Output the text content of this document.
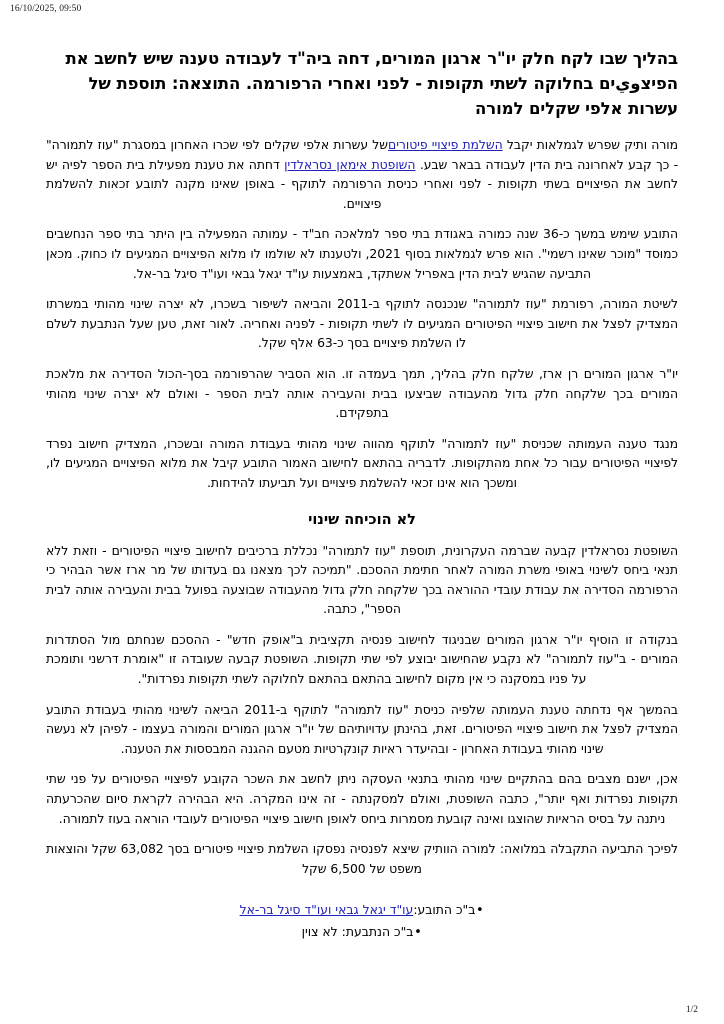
16/10/2025, 09:50
בהליך שבו לקח חלק יו"ר ארגון המורים, דחה ביה"ד לעבודה טענה שיש לחשב את הפיצويים בחלוקה לשתי תקופות - לפני ואחרי הרפורמה. התוצאה: תוספת של עשרות אלפי שקלים למורה

מורה ותיק שפרש לגמלאות יקבל השלמת פיצויי פיטוריםשל עשרות אלפי שקלים לפי שכרו האחרון במסגרת "עוז לתמורה" - כך קבע לאחרונה בית הדין לעבודה בבאר שבע. השופטת אימאן נסראלדין דחתה את טענת מפעילת בית הספר לפיה יש לחשב את הפיצויים בשתי תקופות - לפני ואחרי כניסת הרפורמה לתוקף - באופן שאינו מקנה לתובע זכאות להשלמת פיצויים.

התובע שימש במשך כ-36 שנה כמורה באגודת בתי ספר למלאכה חב"ד - עמותה המפעילה בין היתר בתי ספר הנחשבים כמוסד "מוכר שאינו רשמי". הוא פרש לגמלאות בסוף 2021, ולטענתו לא שולמו לו מלוא הפיצויים המגיעים לו כחוק. מכאן התביעה שהגיש לבית הדין באפריל אשתקד, באמצעות עו"ד יגאל גבאי ועו"ד סיגל בר-אל.

לשיטת המורה, רפורמת "עוז לתמורה" שנכנסה לתוקף ב-2011 והביאה לשיפור בשכרו, לא יצרה שינוי מהותי במשרתו המצדיק לפצל את חישוב פיצויי הפיטורים המגיעים לו לשתי תקופות - לפניה ואחריה. לאור זאת, טען שעל הנתבעת לשלם לו השלמת פיצויים בסך כ-63 אלף שקל.

יו"ר ארגון המורים רן ארז, שלקח חלק בהליך, תמך בעמדה זו. הוא הסביר שהרפורמה בסך-הכול הסדירה את מלאכת המורים בכך שלקחה חלק גדול מהעבודה שביצעו בבית והעבירה אותה לבית הספר - ואולם לא יצרה שינוי מהותי בתפקידם.

מנגד טענה העמותה שכניסת "עוז לתמורה" לתוקף מהווה שינוי מהותי בעבודת המורה ובשכרו, המצדיק חישוב נפרד לפיצויי הפיטורים עבור כל אחת מהתקופות. לדבריה בהתאם לחישוב האמור התובע קיבל את מלוא הפיצויים המגיעים לו, ומשכך הוא אינו זכאי להשלמת פיצויים ועל תביעתו להידחות.

לא הוכיחה שינוי

השופטת נסראלדין קבעה שברמה העקרונית, תוספת "עוז לתמורה" נכללת ברכיבים לחישוב פיצויי הפיטורים - וזאת ללא תנאי ביחס לשינוי באופי משרת המורה לאחר חתימת ההסכם. "תמיכה לכך מצאנו גם בעדותו של מר ארז אשר הבהיר כי הרפורמה הסדירה את עבודת עובדי ההוראה בכך שלקחה חלק גדול מהעבודה שבוצעה בפועל בבית והעבירה אותה לבית הספר", כתבה.

בנקודה זו הוסיף יו"ר ארגון המורים שבניגוד לחישוב פנסיה תקציבית ב"אופק חדש" - ההסכם שנחתם מול הסתדרות המורים - ב"עוז לתמורה" לא נקבע שהחישוב יבוצע לפי שתי תקופות. השופטת קבעה שעובדה זו "אומרת דרשני ותומכת על פניו במסקנה כי אין מקום לחישוב בהתאם בהתאם לחלוקה לשתי תקופות נפרדות".

בהמשך אף נדחתה טענת העמותה שלפיה כניסת "עוז לתמורה" לתוקף ב-2011 הביאה לשינוי מהותי בעבודת התובע המצדיק לפצל את חישוב פיצויי הפיטורים. זאת, בהינתן עדויותיהם של יו"ר ארגון המורים והמורה בעצמו - לפיהן לא נעשה שינוי מהותי בעבודת האחרון - ובהיעדר ראיות קונקרטיות מטעם ההגנה המבססות את הטענה.

אכן, ישנם מצבים בהם בהתקיים שינוי מהותי בתנאי העסקה ניתן לחשב את השכר הקובע לפיצויי הפיטורים על פני שתי תקופות נפרדות ואף יותר", כתבה השופטת, ואולם למסקנתה - זה אינו המקרה. היא הבהירה לקראת סיום שהכרעתה ניתנה על בסיס הראיות שהוצגו ואינה קובעת מסמרות ביחס לאופן חישוב פיצויי הפיטורים לעובדי הוראה בעוז לתמורה.

לפיכך התביעה התקבלה במלואה: למורה הוותיק שיצא לפנסיה נפסקו השלמת פיצויי פיטורים בסך 63,082 שקל והוצאות משפט של 6,500 שקל

•ב"כ התובע:עו"ד יגאל גבאי ועו"ד סיגל בר-אל
•ב"כ הנתבעת: לא צוין
1/2
